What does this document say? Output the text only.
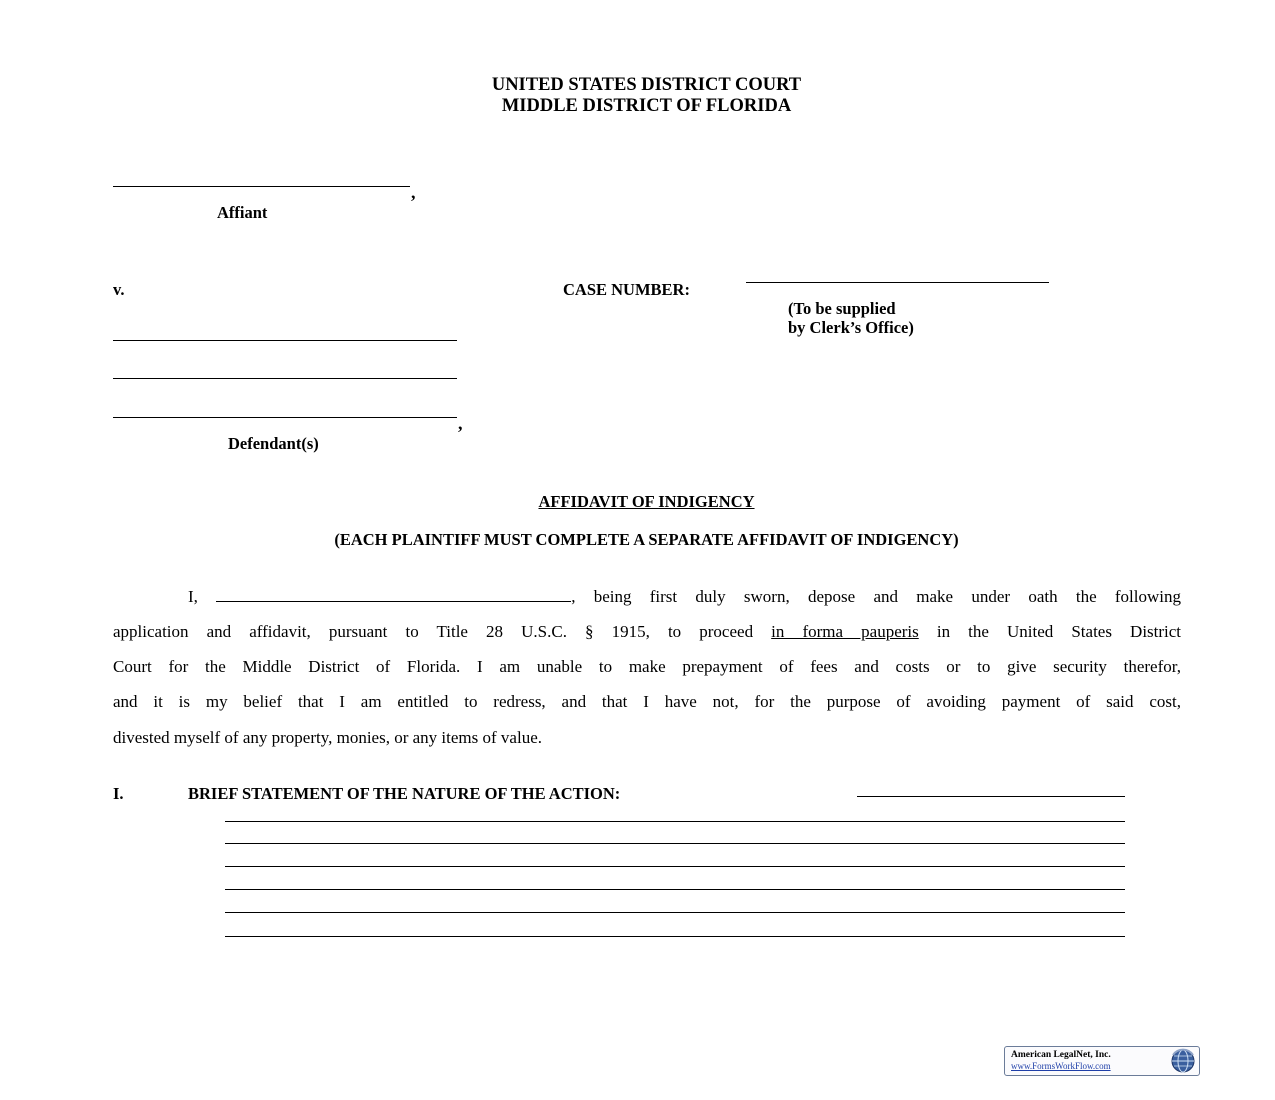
UNITED STATES DISTRICT COURT
MIDDLE DISTRICT OF FLORIDA
,
Affiant
v.	CASE NUMBER:
(To be supplied
by Clerk’s Office)
,
Defendant(s)
AFFIDAVIT OF INDIGENCY
(EACH PLAINTIFF MUST COMPLETE A SEPARATE AFFIDAVIT OF INDIGENCY)
I,	, being first duly sworn, depose and make under oath the following
application and affidavit, pursuant to Title 28 U.S.C. § 1915, to proceed in forma pauperis in the United States District
Court for the Middle District of Florida. I am unable to make prepayment of fees and costs or to give security therefor,
and it is my belief that I am entitled to redress, and that I have not, for the purpose of avoiding payment of said cost,
divested myself of any property, monies, or any items of value.
I.	BRIEF STATEMENT OF THE NATURE OF THE ACTION:
American LegalNet, Inc.
www.FormsWorkFlow.com
